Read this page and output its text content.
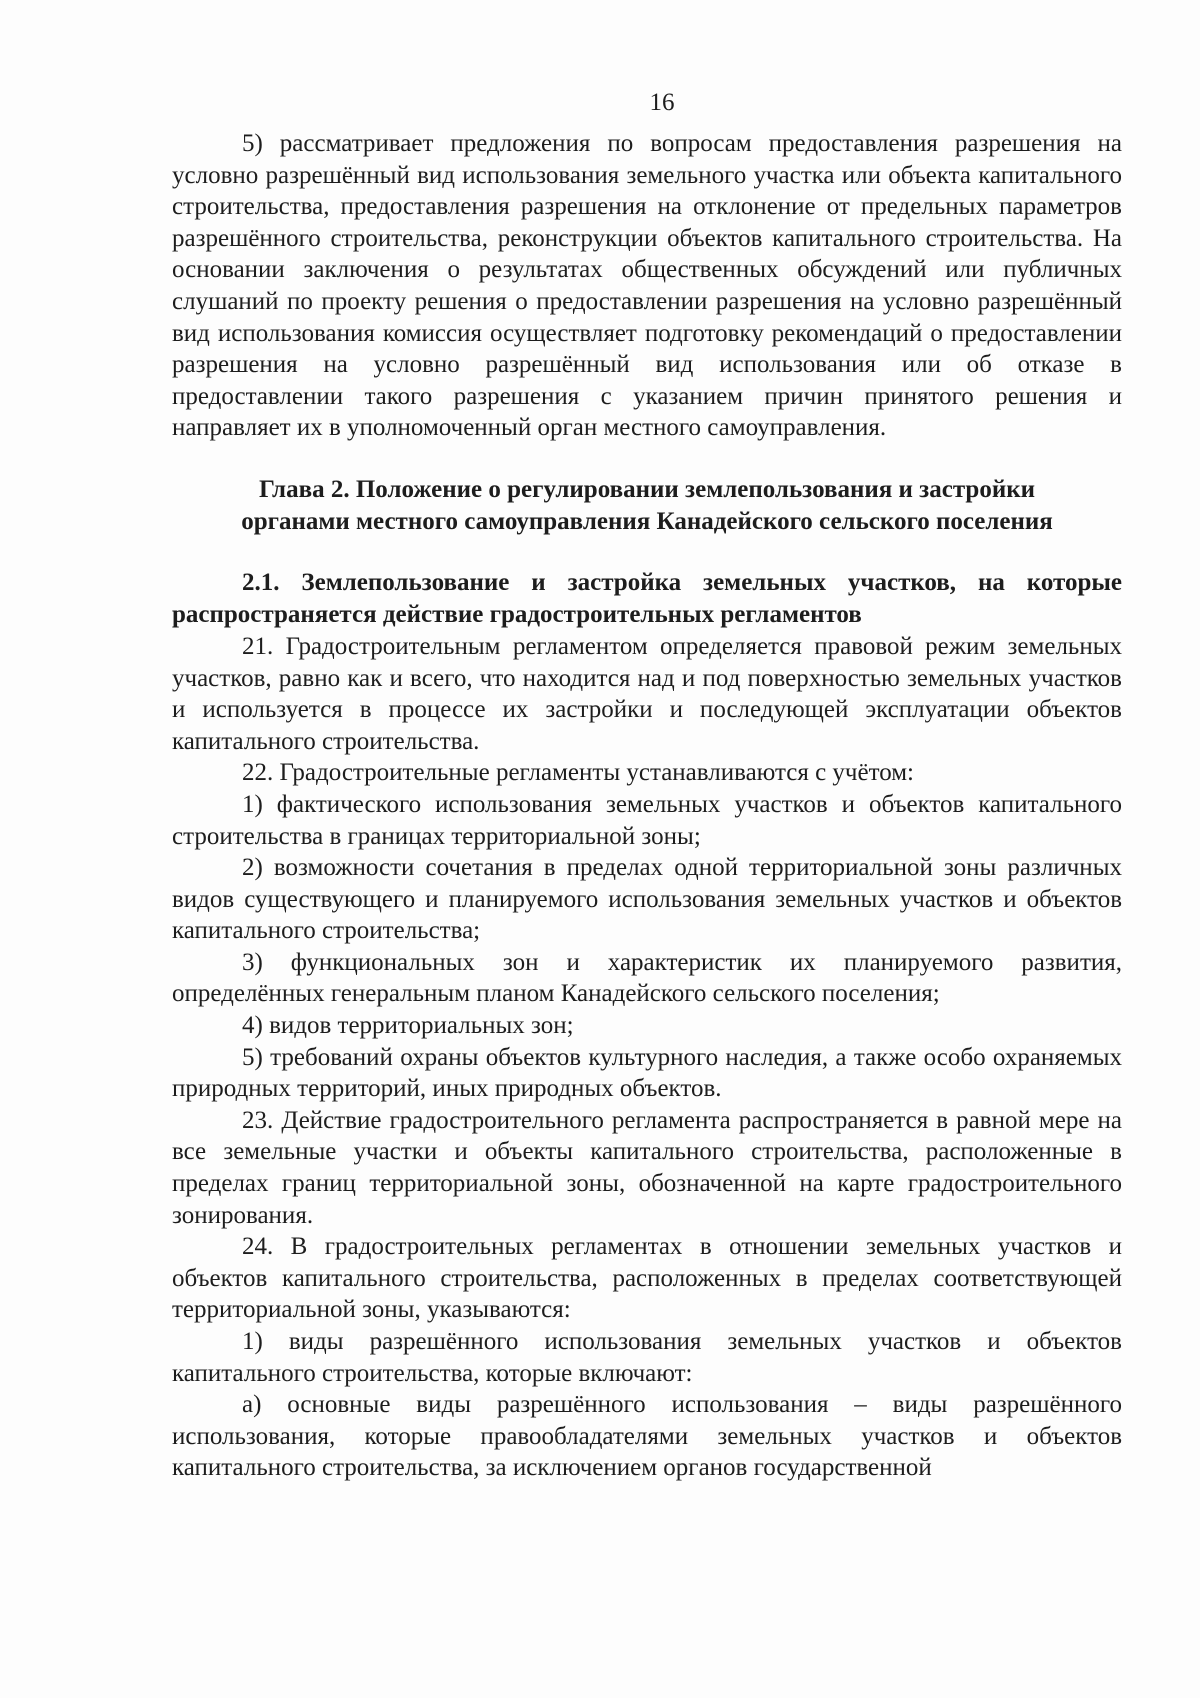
16

5) рассматривает предложения по вопросам предоставления разрешения на условно разрешённый вид использования земельного участка или объекта капитального строительства, предоставления разрешения на отклонение от предельных параметров разрешённого строительства, реконструкции объектов капитального строительства. На основании заключения о результатах общественных обсуждений или публичных слушаний по проекту решения о предоставлении разрешения на условно разрешённый вид использования комиссия осуществляет подготовку рекомендаций о предоставлении разрешения на условно разрешённый вид использования или об отказе в предоставлении такого разрешения с указанием причин принятого решения и направляет их в уполномоченный орган местного самоуправления.

Глава 2. Положение о регулировании землепользования и застройки
органами местного самоуправления Канадейского сельского поселения

2.1. Землепользование и застройка земельных участков, на которые распространяется действие градостроительных регламентов

21. Градостроительным регламентом определяется правовой режим земельных участков, равно как и всего, что находится над и под поверхностью земельных участков и используется в процессе их застройки и последующей эксплуатации объектов капитального строительства.

22. Градостроительные регламенты устанавливаются с учётом:

1) фактического использования земельных участков и объектов капитального строительства в границах территориальной зоны;

2) возможности сочетания в пределах одной территориальной зоны различных видов существующего и планируемого использования земельных участков и объектов капитального строительства;

3) функциональных зон и характеристик их планируемого развития, определённых генеральным планом Канадейского сельского поселения;

4) видов территориальных зон;

5) требований охраны объектов культурного наследия, а также особо охраняемых природных территорий, иных природных объектов.

23. Действие градостроительного регламента распространяется в равной мере на все земельные участки и объекты капитального строительства, расположенные в пределах границ территориальной зоны, обозначенной на карте градостроительного зонирования.

24. В градостроительных регламентах в отношении земельных участков и объектов капитального строительства, расположенных в пределах соответствующей территориальной зоны, указываются:

1) виды разрешённого использования земельных участков и объектов капитального строительства, которые включают:

а) основные виды разрешённого использования – виды разрешённого использования, которые правообладателями земельных участков и объектов капитального строительства, за исключением органов государственной
